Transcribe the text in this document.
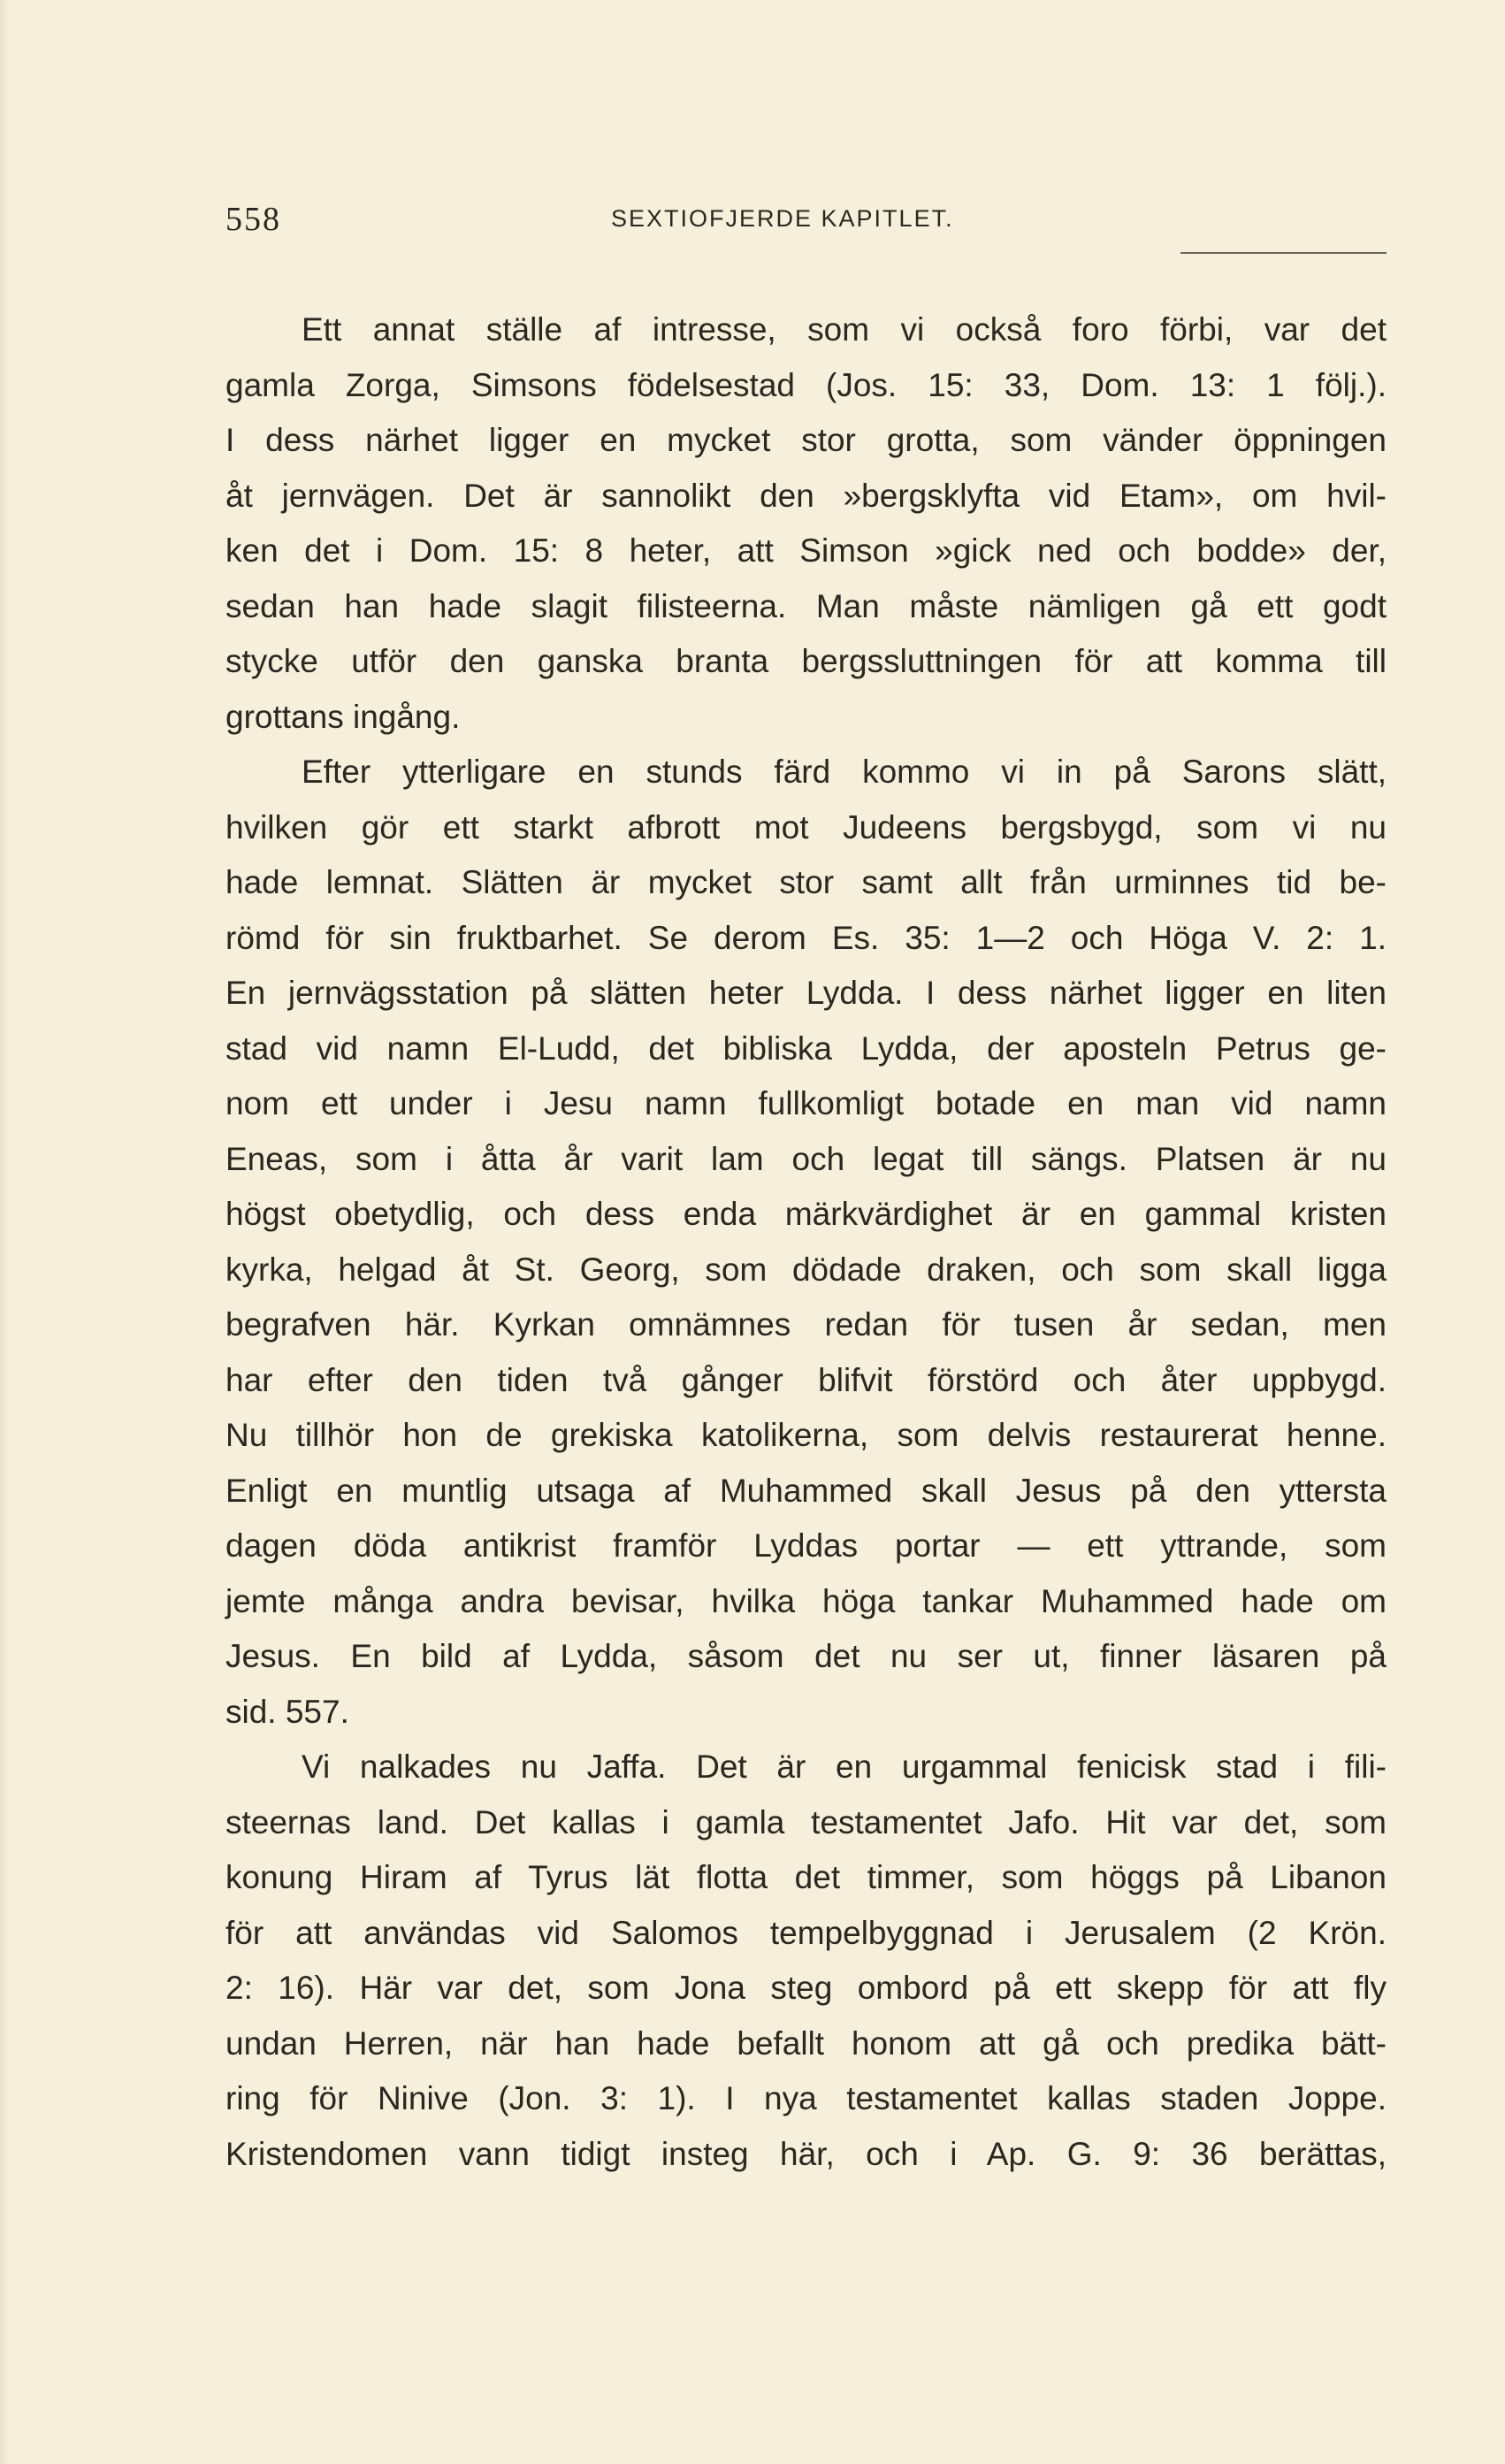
558	SEXTIOFJERDE KAPITLET.
Ett annat ställe af intresse, som vi också foro förbi, var det
gamla Zorga, Simsons födelsestad (Jos. 15: 33, Dom. 13: 1 följ.).
I dess närhet ligger en mycket stor grotta, som vänder öppningen
åt jernvägen. Det är sannolikt den »bergsklyfta vid Etam», om hvil-
ken det i Dom. 15: 8 heter, att Simson »gick ned och bodde» der,
sedan han hade slagit filisteerna. Man måste nämligen gå ett godt
stycke utför den ganska branta bergssluttningen för att komma till
grottans ingång.
Efter ytterligare en stunds färd kommo vi in på Sarons slätt,
hvilken gör ett starkt afbrott mot Judeens bergsbygd, som vi nu
hade lemnat. Slätten är mycket stor samt allt från urminnes tid be-
römd för sin fruktbarhet. Se derom Es. 35: 1—2 och Höga V. 2: 1.
En jernvägsstation på slätten heter Lydda. I dess närhet ligger en liten
stad vid namn El-Ludd, det bibliska Lydda, der aposteln Petrus ge-
nom ett under i Jesu namn fullkomligt botade en man vid namn
Eneas, som i åtta år varit lam och legat till sängs. Platsen är nu
högst obetydlig, och dess enda märkvärdighet är en gammal kristen
kyrka, helgad åt St. Georg, som dödade draken, och som skall ligga
begrafven här. Kyrkan omnämnes redan för tusen år sedan, men
har efter den tiden två gånger blifvit förstörd och åter uppbygd.
Nu tillhör hon de grekiska katolikerna, som delvis restaurerat henne.
Enligt en muntlig utsaga af Muhammed skall Jesus på den yttersta
dagen döda antikrist framför Lyddas portar — ett yttrande, som
jemte många andra bevisar, hvilka höga tankar Muhammed hade om
Jesus. En bild af Lydda, såsom det nu ser ut, finner läsaren på
sid. 557.
Vi nalkades nu Jaffa. Det är en urgammal fenicisk stad i fili-
steernas land. Det kallas i gamla testamentet Jafo. Hit var det, som
konung Hiram af Tyrus lät flotta det timmer, som höggs på Libanon
för att användas vid Salomos tempelbyggnad i Jerusalem (2 Krön.
2: 16). Här var det, som Jona steg ombord på ett skepp för att fly
undan Herren, när han hade befallt honom att gå och predika bätt-
ring för Ninive (Jon. 3: 1). I nya testamentet kallas staden Joppe.
Kristendomen vann tidigt insteg här, och i Ap. G. 9: 36 berättas,
